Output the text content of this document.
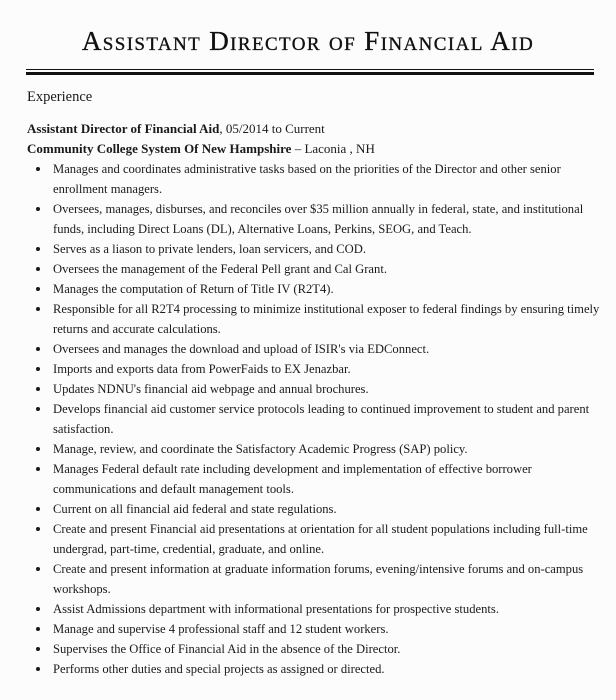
Assistant Director of Financial Aid
Experience
Assistant Director of Financial Aid, 05/2014 to Current
Community College System Of New Hampshire – Laconia , NH
Manages and coordinates administrative tasks based on the priorities of the Director and other senior enrollment managers.
Oversees, manages, disburses, and reconciles over $35 million annually in federal, state, and institutional funds, including Direct Loans (DL), Alternative Loans, Perkins, SEOG, and Teach.
Serves as a liason to private lenders, loan servicers, and COD.
Oversees the management of the Federal Pell grant and Cal Grant.
Manages the computation of Return of Title IV (R2T4).
Responsible for all R2T4 processing to minimize institutional exposer to federal findings by ensuring timely returns and accurate calculations.
Oversees and manages the download and upload of ISIR's via EDConnect.
Imports and exports data from PowerFaids to EX Jenazbar.
Updates NDNU's financial aid webpage and annual brochures.
Develops financial aid customer service protocols leading to continued improvement to student and parent satisfaction.
Manage, review, and coordinate the Satisfactory Academic Progress (SAP) policy.
Manages Federal default rate including development and implementation of effective borrower communications and default management tools.
Current on all financial aid federal and state regulations.
Create and present Financial aid presentations at orientation for all student populations including full-time undergrad, part-time, credential, graduate, and online.
Create and present information at graduate information forums, evening/intensive forums and on-campus workshops.
Assist Admissions department with informational presentations for prospective students.
Manage and supervise 4 professional staff and 12 student workers.
Supervises the Office of Financial Aid in the absence of the Director.
Performs other duties and special projects as assigned or directed.
